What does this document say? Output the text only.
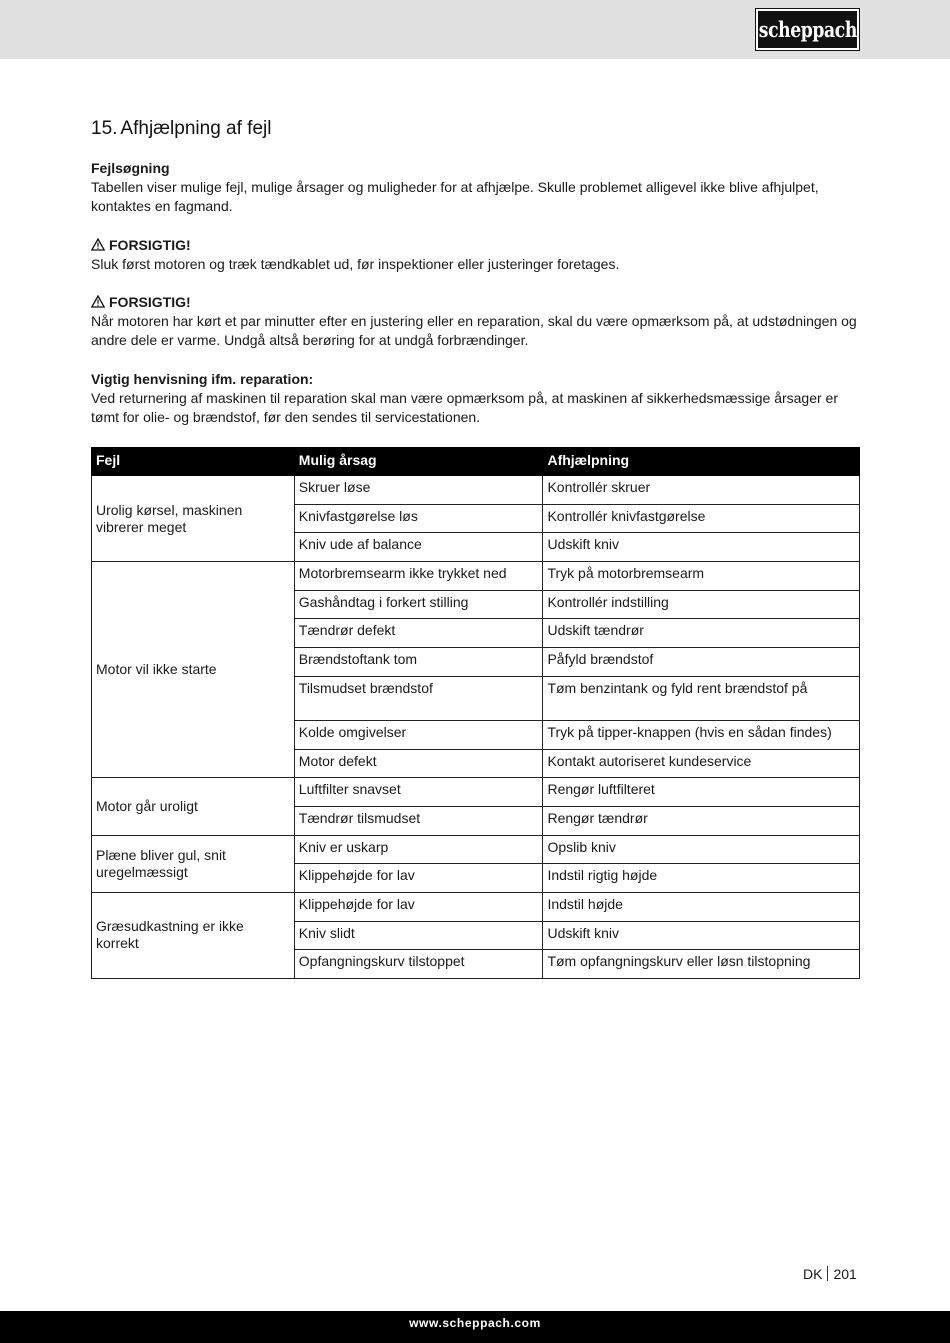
scheppach
15. Afhjælpning af fejl
Fejlsøgning
Tabellen viser mulige fejl, mulige årsager og muligheder for at afhjælpe. Skulle problemet alligevel ikke blive afhjulpet, kontaktes en fagmand.
FORSIGTIG!
Sluk først motoren og træk tændkablet ud, før inspektioner eller justeringer foretages.
FORSIGTIG!
Når motoren har kørt et par minutter efter en justering eller en reparation, skal du være opmærksom på, at udstødningen og andre dele er varme. Undgå altså berøring for at undgå forbrændinger.
Vigtig henvisning ifm. reparation:
Ved returnering af maskinen til reparation skal man være opmærksom på, at maskinen af sikkerhedsmæssige årsager er tømt for olie- og brændstof, før den sendes til servicestationen.
Fejl	Mulig årsag	Afhjælpning
Urolig kørsel, maskinen vibrerer meget	Skruer løse	Kontrollér skruer
	Knivfastgørelse løs	Kontrollér knivfastgørelse
	Kniv ude af balance	Udskift kniv
Motor vil ikke starte	Motorbremsearm ikke trykket ned	Tryk på motorbremsearm
	Gashåndtag i forkert stilling	Kontrollér indstilling
	Tændrør defekt	Udskift tændrør
	Brændstoftank tom	Påfyld brændstof
	Tilsmudset brændstof	Tøm benzintank og fyld rent brændstof på
	Kolde omgivelser	Tryk på tipper-knappen (hvis en sådan findes)
	Motor defekt	Kontakt autoriseret kundeservice
Motor går uroligt	Luftfilter snavset	Rengør luftfilteret
	Tændrør tilsmudset	Rengør tændrør
Plæne bliver gul, snit uregelmæssigt	Kniv er uskarp	Opslib kniv
	Klippehøjde for lav	Indstil rigtig højde
Græsudkastning er ikke korrekt	Klippehøjde for lav	Indstil højde
	Kniv slidt	Udskift kniv
	Opfangningskurv tilstoppet	Tøm opfangningskurv eller løsn tilstopning
DK 201
www.scheppach.com
